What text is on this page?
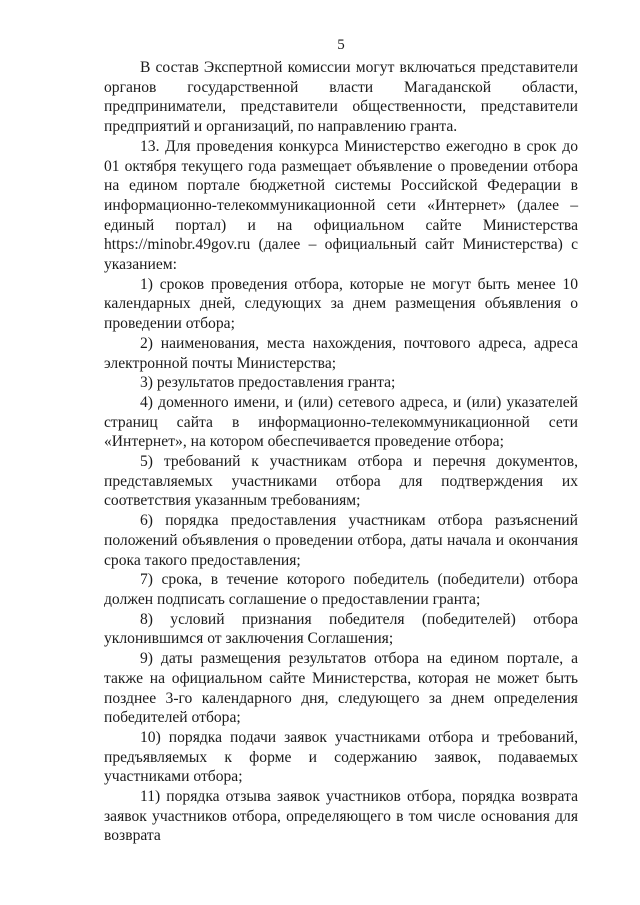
5

В состав Экспертной комиссии могут включаться представители органов государственной власти Магаданской области, предприниматели, представители общественности, представители предприятий и организаций, по направлению гранта.

13. Для проведения конкурса Министерство ежегодно в срок до 01 октября текущего года размещает объявление о проведении отбора на едином портале бюджетной системы Российской Федерации в информационно-телекоммуникационной сети «Интернет» (далее – единый портал) и на официальном сайте Министерства https://minobr.49gov.ru (далее – официальный сайт Министерства) с указанием:

1) сроков проведения отбора, которые не могут быть менее 10 календарных дней, следующих за днем размещения объявления о проведении отбора;

2) наименования, места нахождения, почтового адреса, адреса электронной почты Министерства;

3) результатов предоставления гранта;

4) доменного имени, и (или) сетевого адреса, и (или) указателей страниц сайта в информационно-телекоммуникационной сети «Интернет», на котором обеспечивается проведение отбора;

5) требований к участникам отбора и перечня документов, представляемых участниками отбора для подтверждения их соответствия указанным требованиям;

6) порядка предоставления участникам отбора разъяснений положений объявления о проведении отбора, даты начала и окончания срока такого предоставления;

7) срока, в течение которого победитель (победители) отбора должен подписать соглашение о предоставлении гранта;

8) условий признания победителя (победителей) отбора уклонившимся от заключения Соглашения;

9) даты размещения результатов отбора на едином портале, а также на официальном сайте Министерства, которая не может быть позднее 3-го календарного дня, следующего за днем определения победителей отбора;

10) порядка подачи заявок участниками отбора и требований, предъявляемых к форме и содержанию заявок, подаваемых участниками отбора;

11) порядка отзыва заявок участников отбора, порядка возврата заявок участников отбора, определяющего в том числе основания для возврата
